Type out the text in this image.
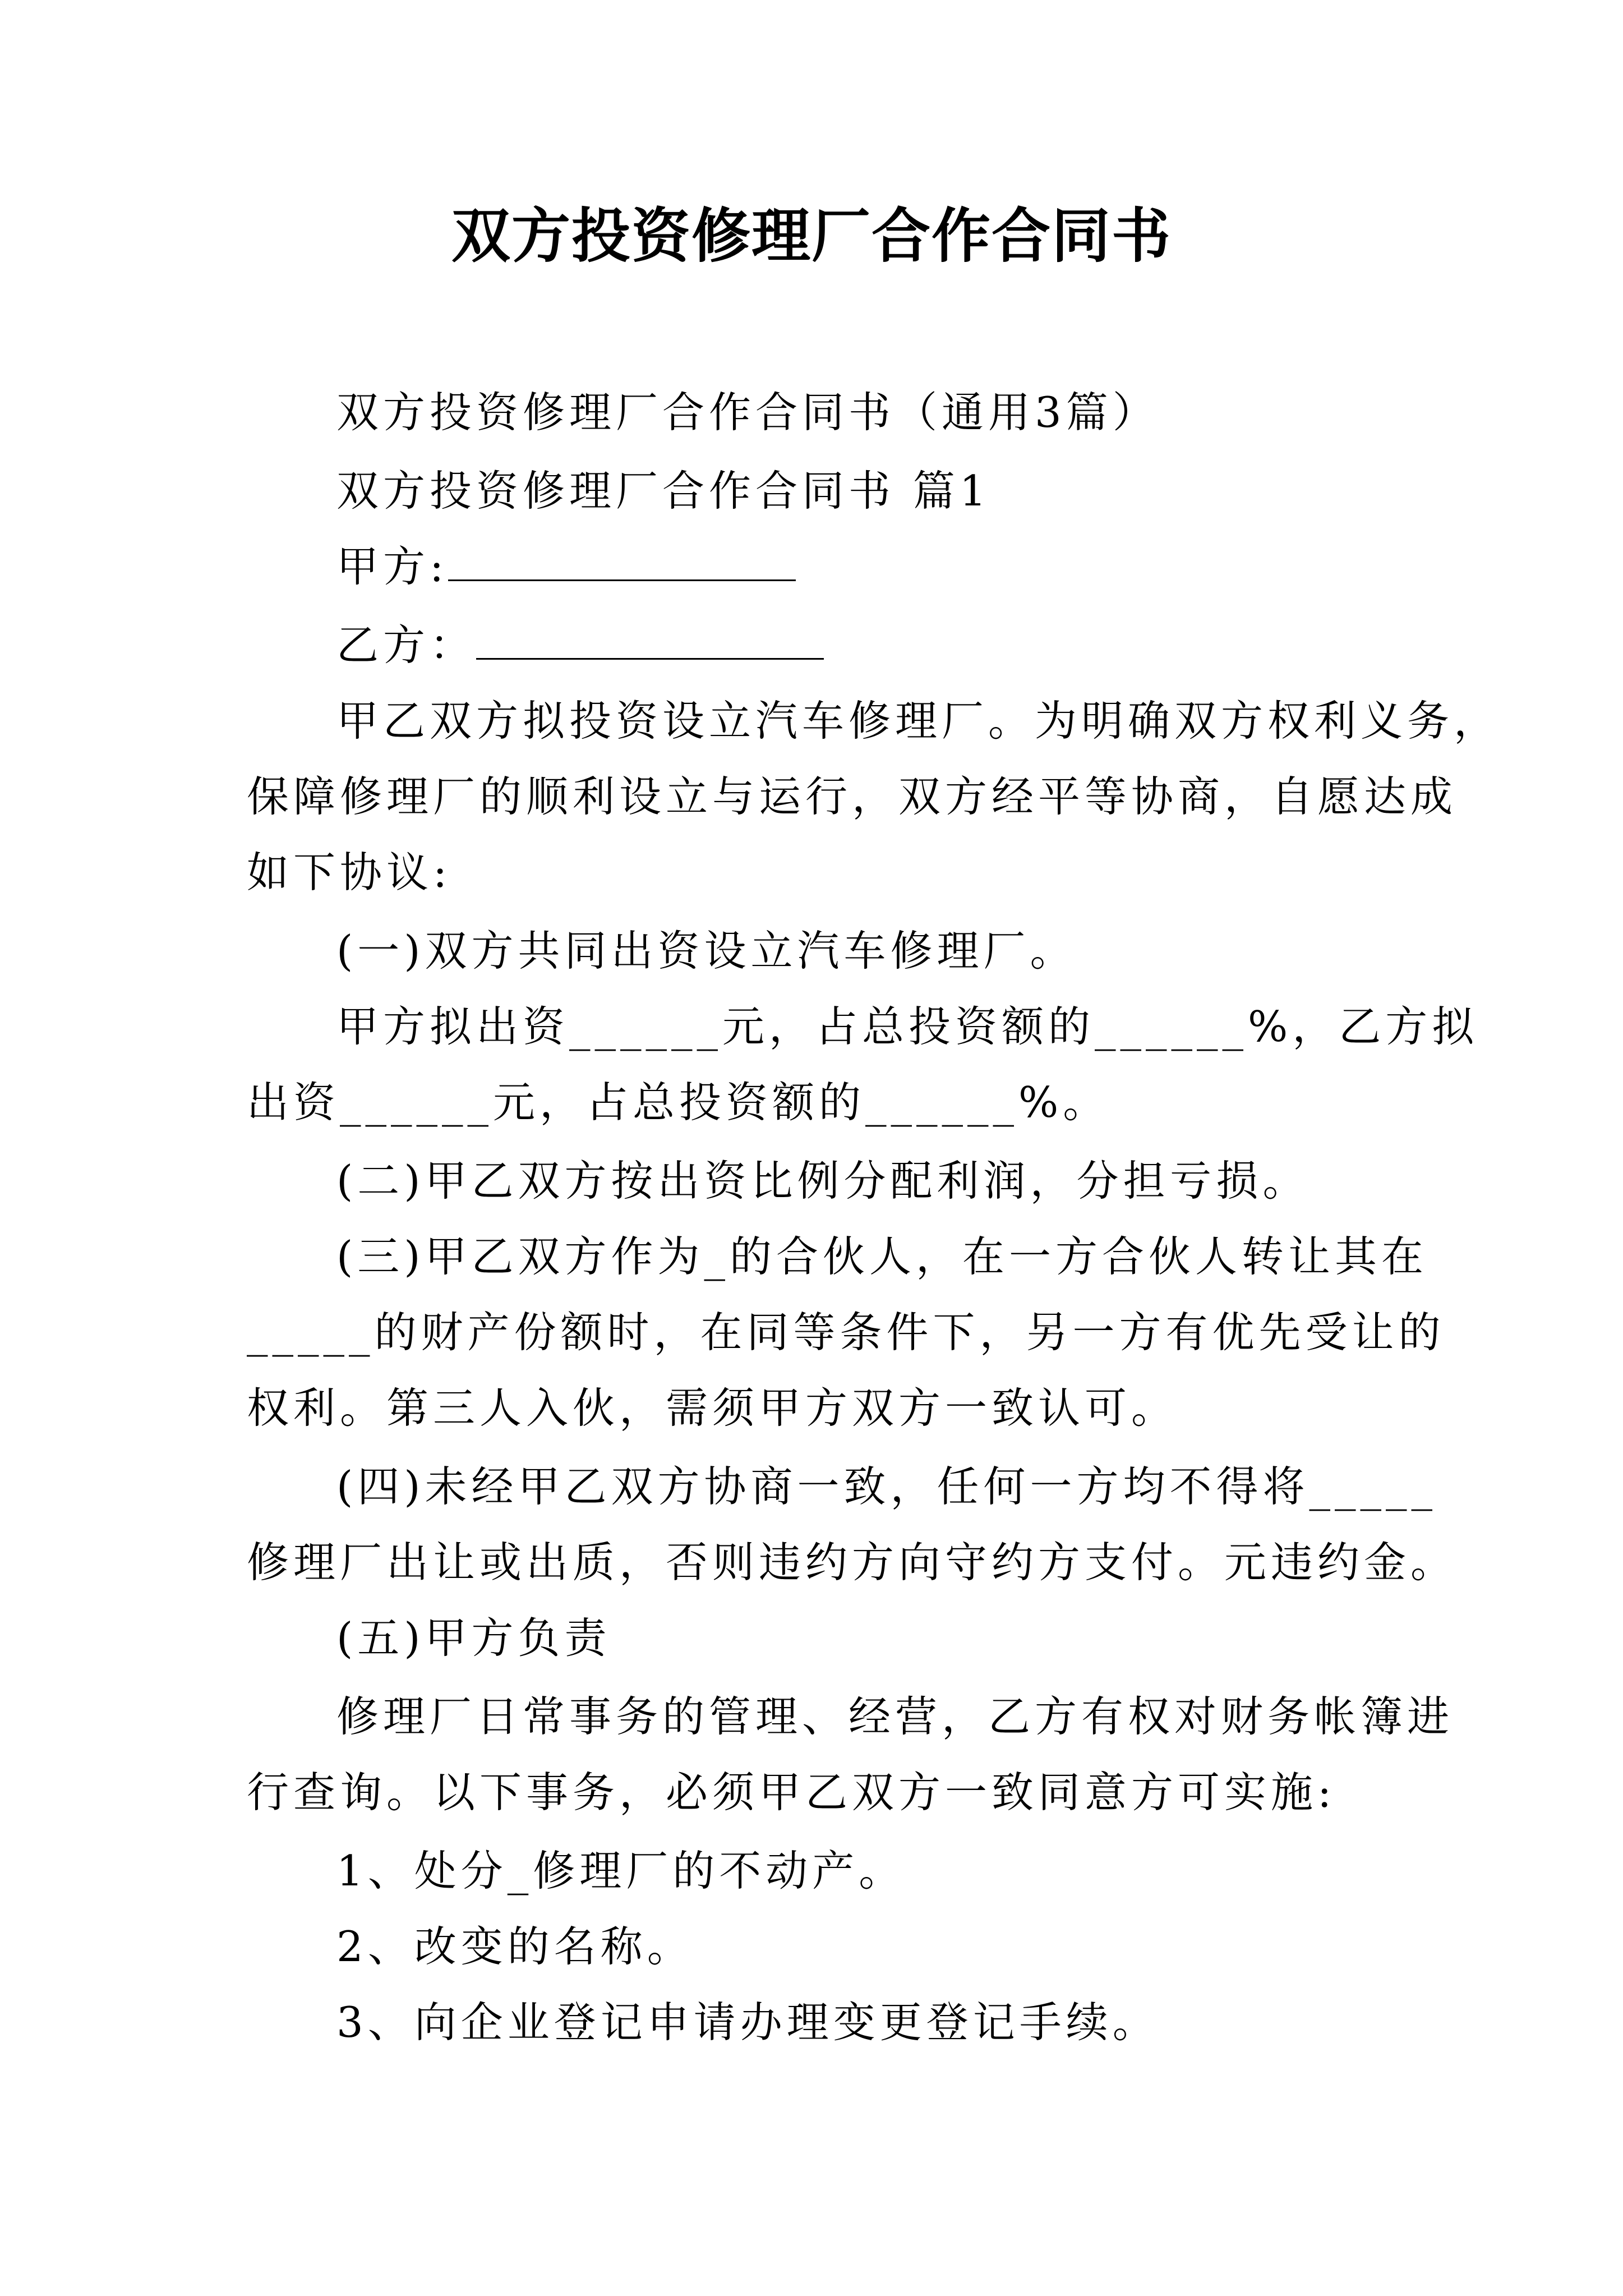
双方投资修理厂合作合同书
双方投资修理厂合作合同书（通用3篇）
双方投资修理厂合作合同书 篇1
甲方:
乙方：
甲乙双方拟投资设立汽车修理厂。为明确双方权利义务，
保障修理厂的顺利设立与运行，双方经平等协商，自愿达成
如下协议:
(一)双方共同出资设立汽车修理厂。
甲方拟出资______元，占总投资额的______%，乙方拟
出资______元，占总投资额的______%。
(二)甲乙双方按出资比例分配利润，分担亏损。
(三)甲乙双方作为_的合伙人，在一方合伙人转让其在
_____的财产份额时，在同等条件下，另一方有优先受让的
权利。第三人入伙，需须甲方双方一致认可。
(四)未经甲乙双方协商一致，任何一方均不得将_____
修理厂出让或出质，否则违约方向守约方支付。元违约金。
(五)甲方负责
修理厂日常事务的管理、经营，乙方有权对财务帐簿进
行查询。以下事务，必须甲乙双方一致同意方可实施:
1、处分_修理厂的不动产。
2、改变的名称。
3、向企业登记申请办理变更登记手续。
